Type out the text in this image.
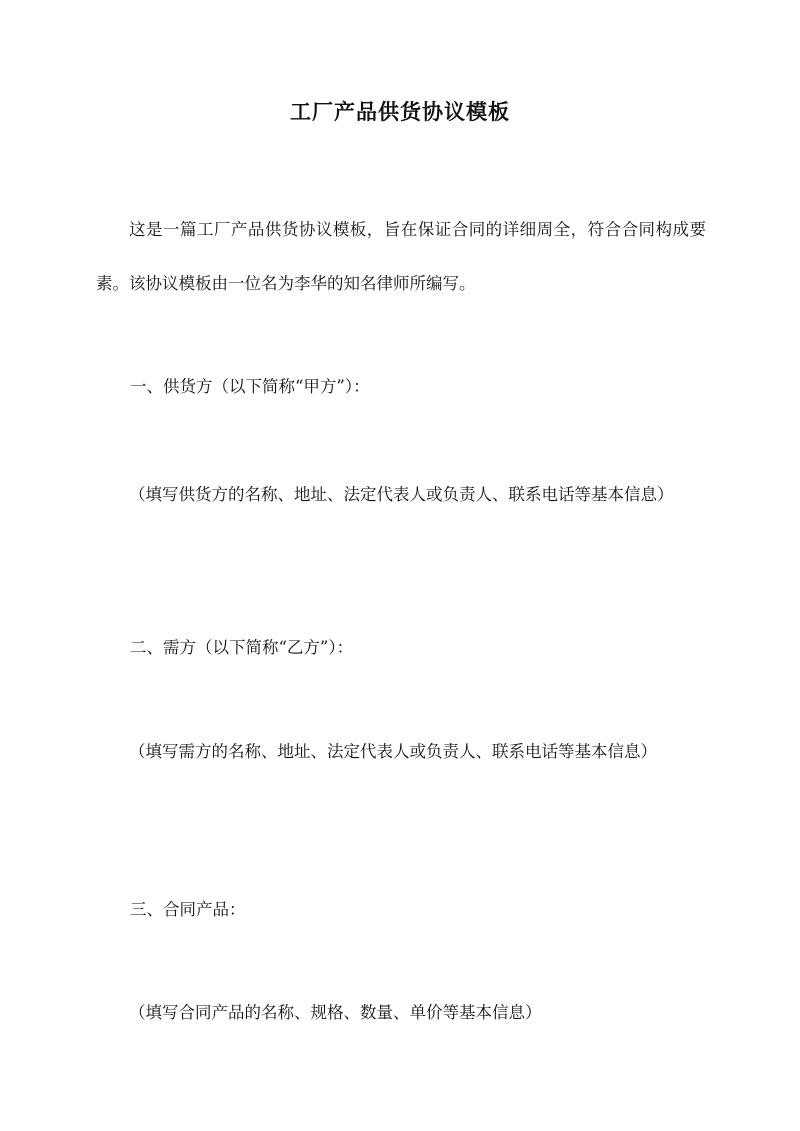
工厂产品供货协议模板

这是一篇工厂产品供货协议模板，旨在保证合同的详细周全，符合合同构成要素。该协议模板由一位名为李华的知名律师所编写。

一、供货方（以下简称“甲方”）：

（填写供货方的名称、地址、法定代表人或负责人、联系电话等基本信息）

二、需方（以下简称“乙方”）：

（填写需方的名称、地址、法定代表人或负责人、联系电话等基本信息）

三、合同产品：

（填写合同产品的名称、规格、数量、单价等基本信息）
